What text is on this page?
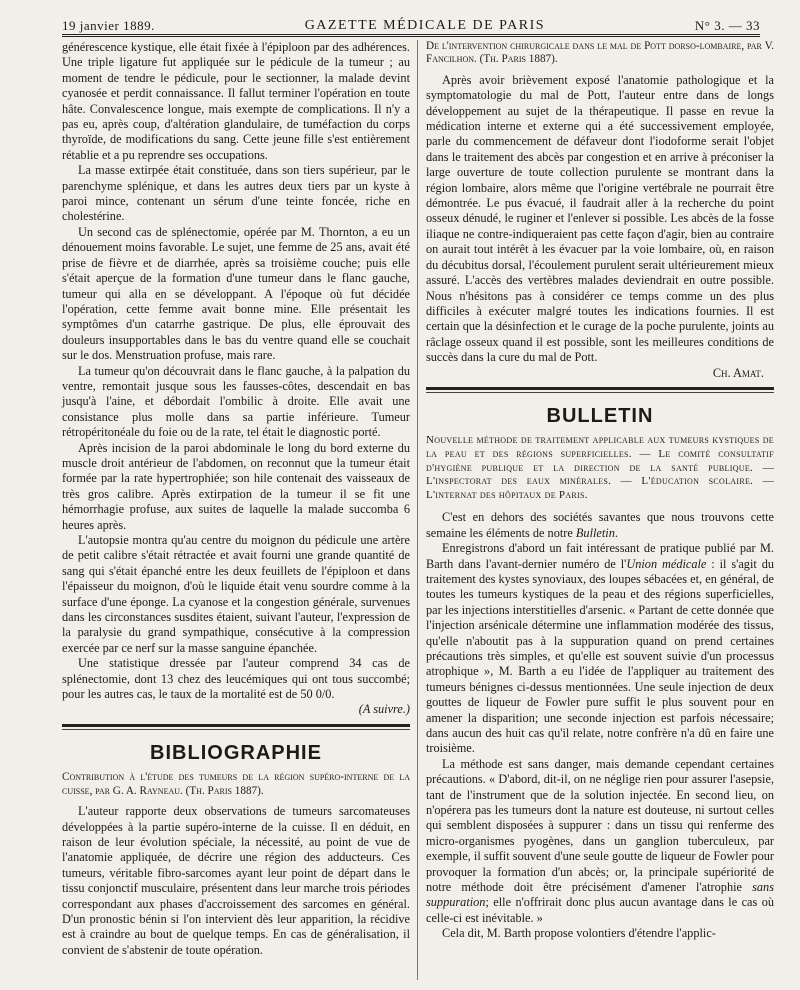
19 janvier 1889.	GAZETTE MÉDICALE DE PARIS	N° 3. — 33

générescence kystique, elle était fixée à l'épiploon par des adhérences. Une triple ligature fut appliquée sur le pédicule de la tumeur ; au moment de tendre le pédicule, pour le sectionner, la malade devint cyanosée et perdit connaissance. Il fallut terminer l'opération en toute hâte. Convalescence longue, mais exempte de complications. Il n'y a pas eu, après coup, d'altération glandulaire, de tuméfaction du corps thyroïde, de modifications du sang. Cette jeune fille s'est entièrement rétablie et a pu reprendre ses occupations.

La masse extirpée était constituée, dans son tiers supérieur, par le parenchyme splénique, et dans les autres deux tiers par un kyste à paroi mince, contenant un sérum d'une teinte foncée, riche en cholestérine.

Un second cas de splénectomie, opérée par M. Thornton, a eu un dénouement moins favorable. Le sujet, une femme de 25 ans, avait été prise de fièvre et de diarrhée, après sa troisième couche; puis elle s'était aperçue de la formation d'une tumeur dans le flanc gauche, tumeur qui alla en se développant. A l'époque où fut décidée l'opération, cette femme avait bonne mine. Elle présentait les symptômes d'un catarrhe gastrique. De plus, elle éprouvait des douleurs insupportables dans le bas du ventre quand elle se couchait sur le dos. Menstruation profuse, mais rare.

La tumeur qu'on découvrait dans le flanc gauche, à la palpation du ventre, remontait jusque sous les fausses-côtes, descendait en bas jusqu'à l'aine, et débordait l'ombilic à droite. Elle avait une consistance plus molle dans sa partie inférieure. Tumeur rétropéritonéale du foie ou de la rate, tel était le diagnostic porté.

Après incision de la paroi abdominale le long du bord externe du muscle droit antérieur de l'abdomen, on reconnut que la tumeur était formée par la rate hypertrophiée; son hile contenait des vaisseaux de très gros calibre. Après extirpation de la tumeur il se fit une hémorrhagie profuse, aux suites de laquelle la malade succomba 6 heures après.

L'autopsie montra qu'au centre du moignon du pédicule une artère de petit calibre s'était rétractée et avait fourni une grande quantité de sang qui s'était épanché entre les deux feuillets de l'épiploon et dans l'épaisseur du moignon, d'où le liquide était venu sourdre comme à la surface d'une éponge. La cyanose et la congestion générale, survenues dans les circonstances susdites étaient, suivant l'auteur, l'expression de la paralysie du grand sympathique, consécutive à la compression exercée par ce nerf sur la masse sanguine épanchée.

Une statistique dressée par l'auteur comprend 34 cas de splénectomie, dont 13 chez des leucémiques qui ont tous succombé; pour les autres cas, le taux de la mortalité est de 50 0/0.

(A suivre.)
BIBLIOGRAPHIE

Contribution à l'étude des tumeurs de la région supéro-interne de la cuisse, par G. A. Rayneau. (Th. Paris 1887).

L'auteur rapporte deux observations de tumeurs sarcomateuses développées à la partie supéro-interne de la cuisse. Il en déduit, en raison de leur évolution spéciale, la nécessité, au point de vue de l'anatomie appliquée, de décrire une région des adducteurs. Ces tumeurs, véritable fibro-sarcomes ayant leur point de départ dans le tissu conjonctif musculaire, présentent dans leur marche trois périodes correspondant aux phases d'accroissement des sarcomes en général. D'un pronostic bénin si l'on intervient dès leur apparition, la récidive est à craindre au bout de quelque temps. En cas de généralisation, il convient de s'abstenir de toute opération.

De l'intervention chirurgicale dans le mal de Pott dorso-lombaire, par V. Fancilhon. (Th. Paris 1887).

Après avoir brièvement exposé l'anatomie pathologique et la symptomatologie du mal de Pott, l'auteur entre dans de longs développement au sujet de la thérapeutique. Il passe en revue la médication interne et externe qui a été successivement employée, parle du commencement de défaveur dont l'iodoforme serait l'objet dans le traitement des abcès par congestion et en arrive à préconiser la large ouverture de toute collection purulente se montrant dans la région lombaire, alors même que l'origine vertébrale ne pourrait être démontrée. Le pus évacué, il faudrait aller à la recherche du point osseux dénudé, le ruginer et l'enlever si possible. Les abcès de la fosse iliaque ne contre-indiqueraient pas cette façon d'agir, bien au contraire on aurait tout intérêt à les évacuer par la voie lombaire, où, en raison du décubitus dorsal, l'écoulement purulent serait ultérieurement mieux assuré. L'accès des vertèbres malades deviendrait en outre possible. Nous n'hésitons pas à considérer ce temps comme un des plus difficiles à exécuter malgré toutes les indications fournies. Il est certain que la désinfection et le curage de la poche purulente, joints au râclage osseux quand il est possible, sont les meilleures conditions de succès dans la cure du mal de Pott.

Ch. Amat.
BULLETIN

Nouvelle méthode de traitement applicable aux tumeurs kystiques de la peau et des régions superficielles. — Le comité consultatif d'hygiène publique et la direction de la santé publique. — L'inspectorat des eaux minérales. — L'éducation scolaire. — L'internat des hôpitaux de Paris.

C'est en dehors des sociétés savantes que nous trouvons cette semaine les éléments de notre Bulletin.

Enregistrons d'abord un fait intéressant de pratique publié par M. Barth dans l'avant-dernier numéro de l'Union médicale : il s'agit du traitement des kystes synoviaux, des loupes sébacées et, en général, de toutes les tumeurs kystiques de la peau et des régions superficielles, par les injections interstitielles d'arsenic. « Partant de cette donnée que l'injection arsénicale détermine une inflammation modérée des tissus, qu'elle n'aboutit pas à la suppuration quand on prend certaines précautions très simples, et qu'elle est souvent suivie d'un processus atrophique », M. Barth a eu l'idée de l'appliquer au traitement des tumeurs bénignes ci-dessus mentionnées. Une seule injection de deux gouttes de liqueur de Fowler pure suffit le plus souvent pour en amener la disparition; une seconde injection est parfois nécessaire; dans aucun des huit cas qu'il relate, notre confrère n'a dû en faire une troisième.

La méthode est sans danger, mais demande cependant certaines précautions. « D'abord, dit-il, on ne néglige rien pour assurer l'asepsie, tant de l'instrument que de la solution injectée. En second lieu, on n'opérera pas les tumeurs dont la nature est douteuse, ni surtout celles qui semblent disposées à suppurer : dans un tissu qui renferme des micro-organismes pyogènes, dans un ganglion tuberculeux, par exemple, il suffit souvent d'une seule goutte de liqueur de Fowler pour provoquer la formation d'un abcès; or, la principale supériorité de notre méthode doit être précisément d'amener l'atrophie sans suppuration; elle n'offrirait donc plus aucun avantage dans le cas où celle-ci est inévitable. »

Cela dit, M. Barth propose volontiers d'étendre l'applic-
